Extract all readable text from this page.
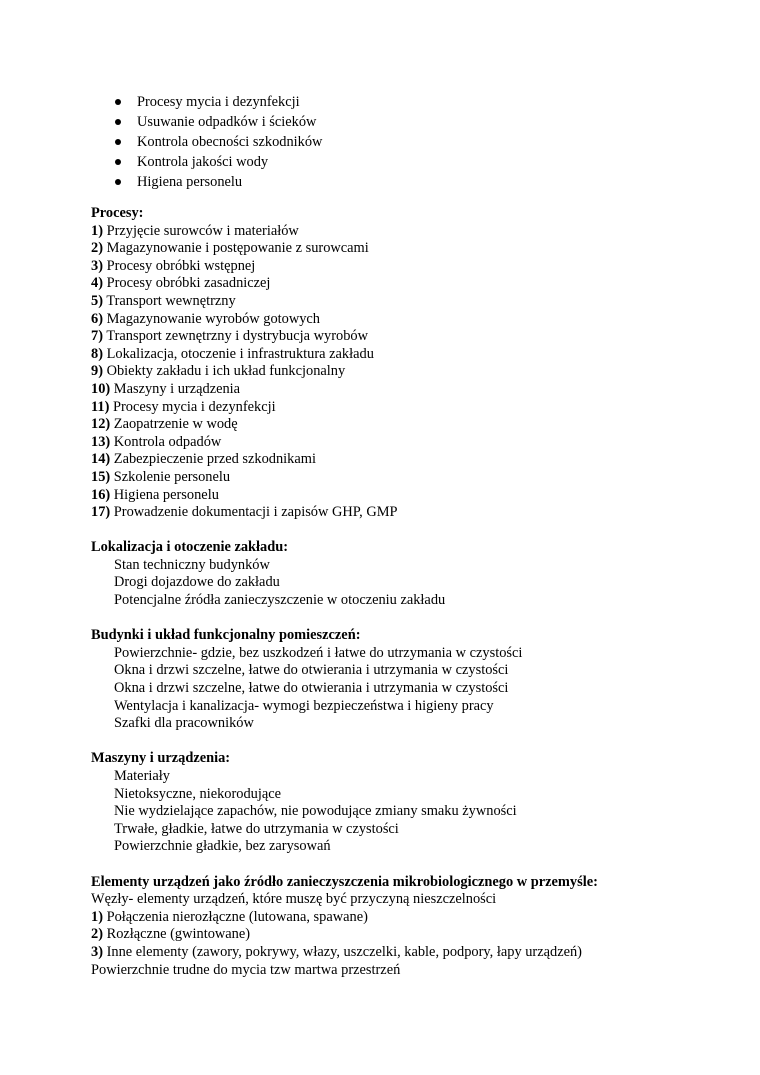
Procesy mycia i dezynfekcji
Usuwanie odpadków i ścieków
Kontrola obecności szkodników
Kontrola jakości wody
Higiena personelu
Procesy:
1) Przyjęcie surowców i materiałów
2) Magazynowanie i postępowanie z surowcami
3) Procesy obróbki wstępnej
4) Procesy obróbki zasadniczej
5) Transport wewnętrzny
6) Magazynowanie wyrobów gotowych
7) Transport zewnętrzny i dystrybucja wyrobów
8) Lokalizacja, otoczenie i infrastruktura zakładu
9) Obiekty zakładu i ich układ funkcjonalny
10) Maszyny i urządzenia
11) Procesy mycia i dezynfekcji
12) Zaopatrzenie w wodę
13) Kontrola odpadów
14) Zabezpieczenie przed szkodnikami
15) Szkolenie personelu
16) Higiena personelu
17) Prowadzenie dokumentacji i zapisów GHP, GMP
Lokalizacja i otoczenie zakładu:
Stan techniczny budynków
Drogi dojazdowe do zakładu
Potencjalne źródła zanieczyszczenie w otoczeniu zakładu
Budynki i układ funkcjonalny pomieszczeń:
Powierzchnie- gdzie, bez uszkodzeń i łatwe do utrzymania w czystości
Okna i drzwi szczelne, łatwe do otwierania i utrzymania w czystości
Okna i drzwi szczelne, łatwe do otwierania i utrzymania w czystości
Wentylacja i kanalizacja- wymogi bezpieczeństwa i higieny pracy
Szafki dla pracowników
Maszyny i urządzenia:
Materiały
Nietoksyczne, niekorodujące
Nie wydzielające zapachów, nie powodujące zmiany smaku żywności
Trwałe, gładkie, łatwe do utrzymania w czystości
Powierzchnie gładkie, bez zarysowań
Elementy urządzeń jako źródło zanieczyszczenia mikrobiologicznego w przemyśle:
Węzły- elementy urządzeń, które muszę być przyczyną nieszczelności
1) Połączenia nierozłączne (lutowana, spawane)
2) Rozłączne (gwintowane)
3) Inne elementy (zawory, pokrywy, włazy, uszczelki, kable, podpory, łapy urządzeń)
Powierzchnie trudne do mycia tzw martwa przestrzeń
